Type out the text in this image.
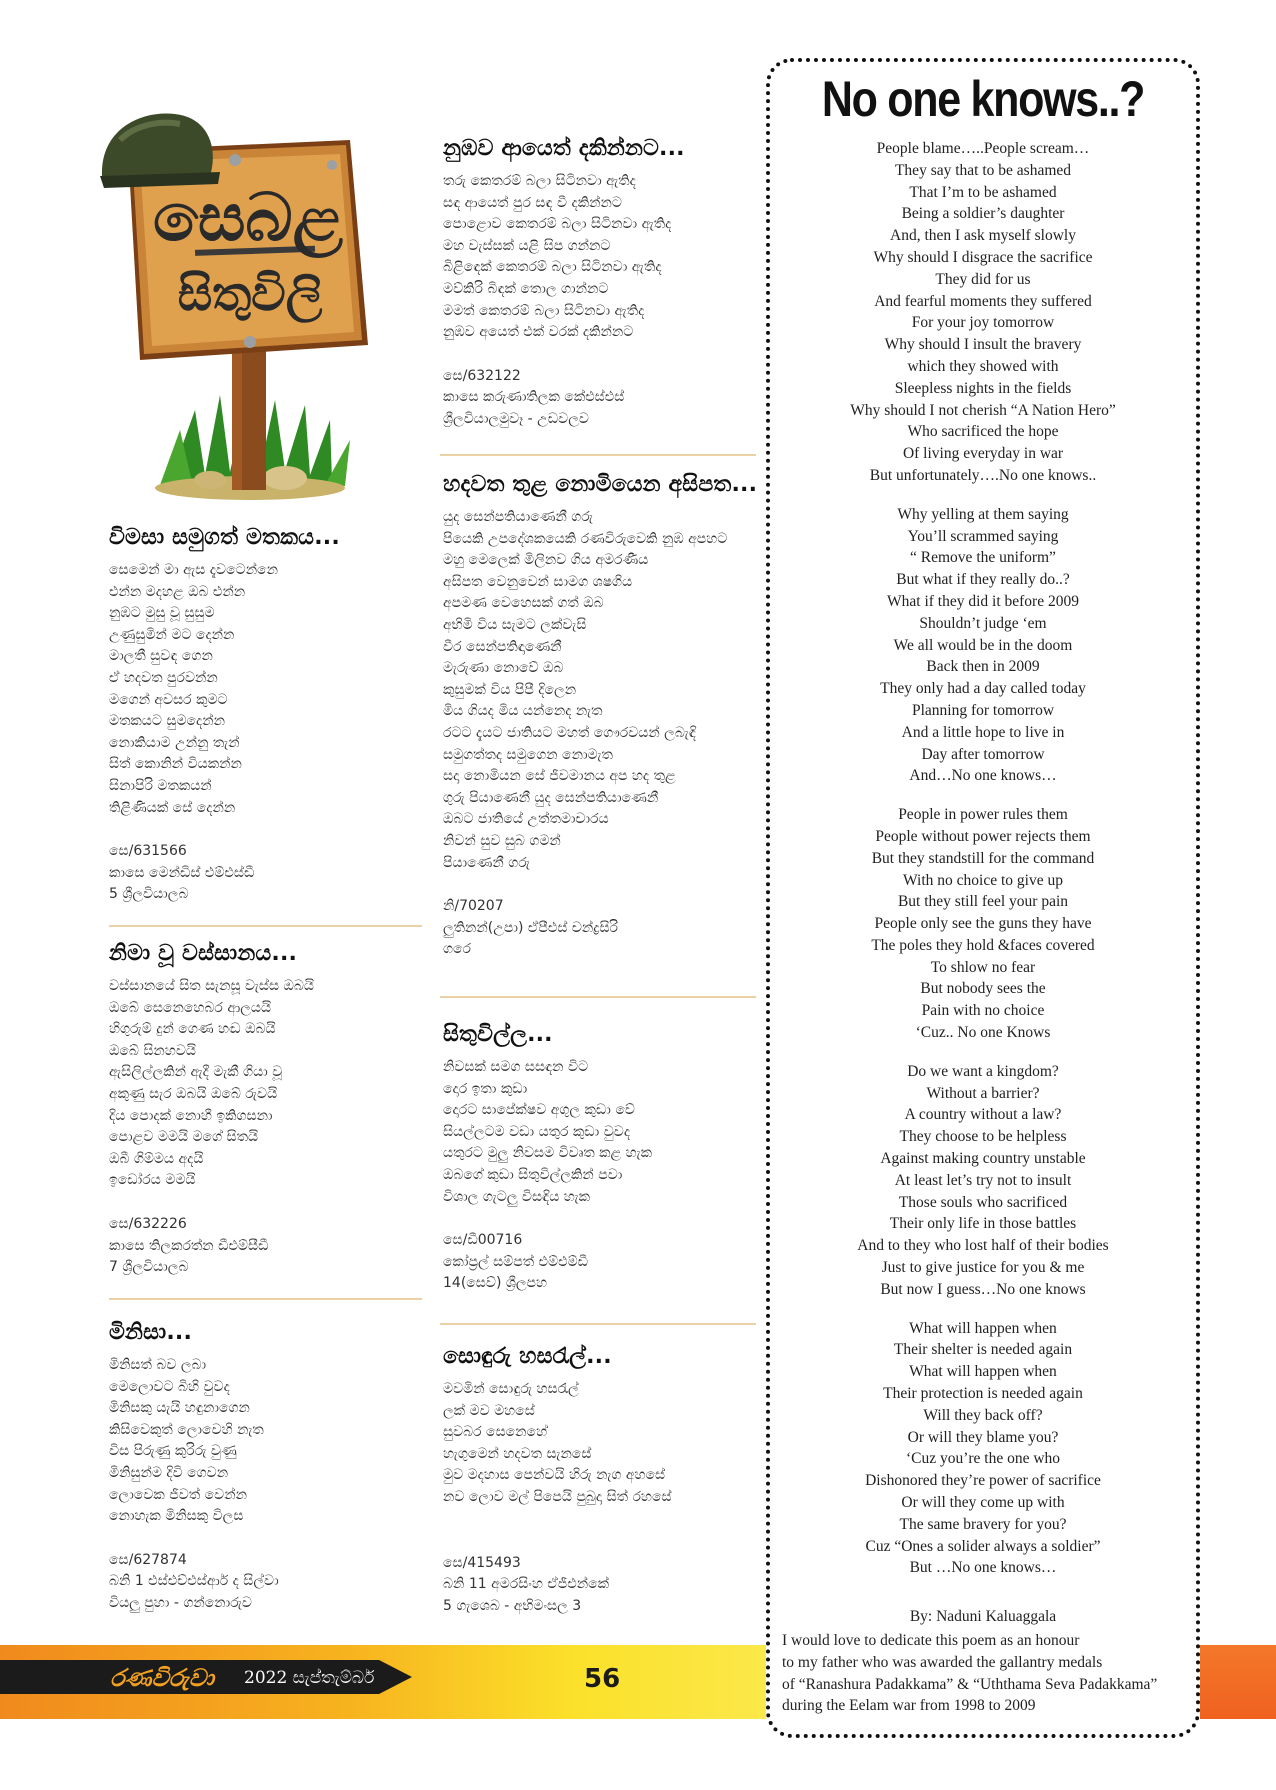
සෙබළ
සිතුවිලි
විමසා සමුගත් මතකය...
සෙමෙන් මා ඇස දැවටෙන්නෙ
එන්න මදහළ ඔබ එන්න
නුඹට මුසු වූ සුසුම
උණුසුමින් මට දෙන්න
මාලතී සුවඳ ගෙන
ඒ හදවත පුරවන්න
මගෙන් අවසර කුමට
මතකයට සුමදෙන්න
නොකියාම උන්නු තැන්
සිත් කොනින් වියකන්න
සිනාපිරි මතකයන්
තිළිණියක් සේ දෙන්න
සෙ/631566
කාසෙ මෙන්ඩිස් එම්එස්ඩී
5 ශ්‍රීලවියාලබ
නිමා වූ වස්සානය...
වස්සානයේ සිත සැනසූ වැස්ස ඔබයි
ඔබේ සෙනෙහෙබර ආලයයි
හිගුරුම් දුන් ගෙණ හඬ ඔබයි
ඔබේ සිනහවයි
ඇසිලිල්ලකින් ඇදී මැකී ගියා වූ
අකුණු සැර ඔබයි ඔබේ රුවයි
දිය පොදක් නොහී ඉකිගසනා
පොළව මමයි මගේ සිතයි
ඔබී ගිම්මය අදයි
ඉඩෝරය මමයි
සෙ/632226
කාසෙ තිලකරත්න ඩීඑම්සීඩී
7 ශ්‍රීලවියාලබ
මිනිසා...
මිනිසත් බව ලබා
මෙලොවට බිහි වුවද
මිනිසකු යැයි හඳුනාගෙන
කිසිවෙකුත් ලොවෙහි නැත
විස පිරුණු කුරිරු වුණු
මිනිසුන්ම දිවි ගෙවන
ලොවෙක ජීවත් වෙන්න
නොහැක මිනිසකු විලස
සෙ/627874
බනි 1 එස්එච්එස්ආර් ද සිල්වා
වියලු පුහා - ගන්නොරුව
නුඹව ආයෙත් දකින්නට...
තරු කෙතරම් බලා සිටිනවා ඇතිද
සඳ ආයෙත් පුර සඳ වී දකින්නට
පොළොව කෙතරම් බලා සිටිනවා ඇතිද
මහ වැස්සක් යළි සිප ගන්නට
බිළිඳෙක් කෙතරම් බලා සිටිනවා ඇතිද
මව්කිරි බිඳක් තොල ගාන්නට
මමත් කෙතරම් බලා සිටිනවා ඇතිද
නුඹව අයෙත් එක් වරක් දකින්නට
සෙ/632122
කාසෙ කරුණාතිලක කේඑස්එස්
ශ්‍රීලවියාලමුවෑ - උඩවලව
හදවත තුළ නොමියෙන අසිපත...
යුද සෙන්පතියාණෙනී ගරු
පියෙකි උපදේශකයෙකි රණවිරුවෙකි නුඹ අපහට
මහු මෙලෙක් මිලිනව ගිය අමරණීය
අසිපත වෙනුවෙන් සාමග ශෂගිය
අපමණ වෙහෙසක් ගත් ඔබ
අභිමි විය සැමට ලක්වැසි
වීර සෙන්පතිඳාණෙනී
මැරුණා නොවේ ඔබ
කුසුමක් විය පිපී දිලෙන
මිය ගියද මිය යන්නෙද නැත
රටට දැයට ජාතියට මහත් ගෞරවයන් ලබැඳි
සමුගත්තද සමුගෙන නොමැත
සදා නොමියන සේ ජීවමානය අප හද තුළ
ගුරු පියාණෙනී යුද සෙන්පතියාණෙනී
ඔබට ජාතියේ උත්තමාචාරය
නිවන් සුව සුබ ගමන්
පියාණෙනී ගරු
නි/70207
ලුතිනන්(උපා) ඒපීඑස් චන්ද්‍රසිරි
ගරෙ
සිතුවිල්ල...
නිවසක් සමග සසඳන විට
දොර ඉතා කුඩා
දොරට සාපේක්ෂව අගුල කුඩා වේ
සියල්ලටම වඩා යතුර කුඩා වුවද
යතුරට මුලු නිවසම විවෘත කළ හැක
ඔබගේ කුඩා සිතුවිල්ලකින් පවා
විශාල ගැටලු විසඳිය හැක
සෙ/ඩී00716
කෝප්‍රල් සම්පත් එම්එම්ඩී
14(සෙව්) ශ්‍රීලපහ
සොඳුරු හසරැල්...
මවමින් සොඳුරු හසරැල්
ලක් මව මහසේ
සුවබර සෙනෙහේ
හැගුමෙන් හදවත සැනසේ
මුව මදහාස පෙන්වයි හිරු නැග අහසේ
නව ලොව මල් පිපෙයි පුබුදා සිත් රහසේ
සෙ/415493
බනි 11 අමරසිංහ ඒජීඑන්කේ
5 ගැශෙබ - අභිමංසල 3
No one knows..?
People blame…..People scream…
They say that to be ashamed
That I’m to be ashamed
Being a soldier’s daughter
And, then I ask myself slowly
Why should I disgrace the sacrifice
They did for us
And fearful moments they suffered
For your joy tomorrow
Why should I insult the bravery
which they showed with
Sleepless nights in the fields
Why should I not cherish “A Nation Hero”
Who sacrificed the hope
Of living everyday in war
But unfortunately….No one knows..
Why yelling at them saying
You’ll scrammed saying
“ Remove the uniform”
But what if they really do..?
What if they did it before 2009
Shouldn’t judge ‘em
We all would be in the doom
Back then in 2009
They only had a day called today
Planning for tomorrow
And a little hope to live in
Day after tomorrow
And…No one knows…
People in power rules them
People without power rejects them
But they standstill for the command
With no choice to give up
But they still feel your pain
People only see the guns they have
The poles they hold &faces covered
To shlow no fear
But nobody sees the
Pain with no choice
‘Cuz.. No one Knows
Do we want a kingdom?
Without a barrier?
A country without a law?
They choose to be helpless
Against making country unstable
At least let’s try not to insult
Those souls who sacrificed
Their only life in those battles
And to they who lost half of their bodies
Just to give justice for you & me
But now I guess…No one knows
What will happen when
Their shelter is needed again
What will happen when
Their protection is needed again
Will they back off?
Or will they blame you?
‘Cuz you’re the one who
Dishonored they’re power of sacrifice
Or will they come up with
The same bravery for you?
Cuz “Ones a solider always a soldier”
But …No one knows…
By: Naduni Kaluaggala
I would love to dedicate this poem as an honour
to my father who was awarded the gallantry medals
of “Ranashura Padakkama” & “Uththama Seva Padakkama”
during the Eelam war from 1998 to 2009
රණවිරුවා 2022 සැප්තැම්බර්	56
